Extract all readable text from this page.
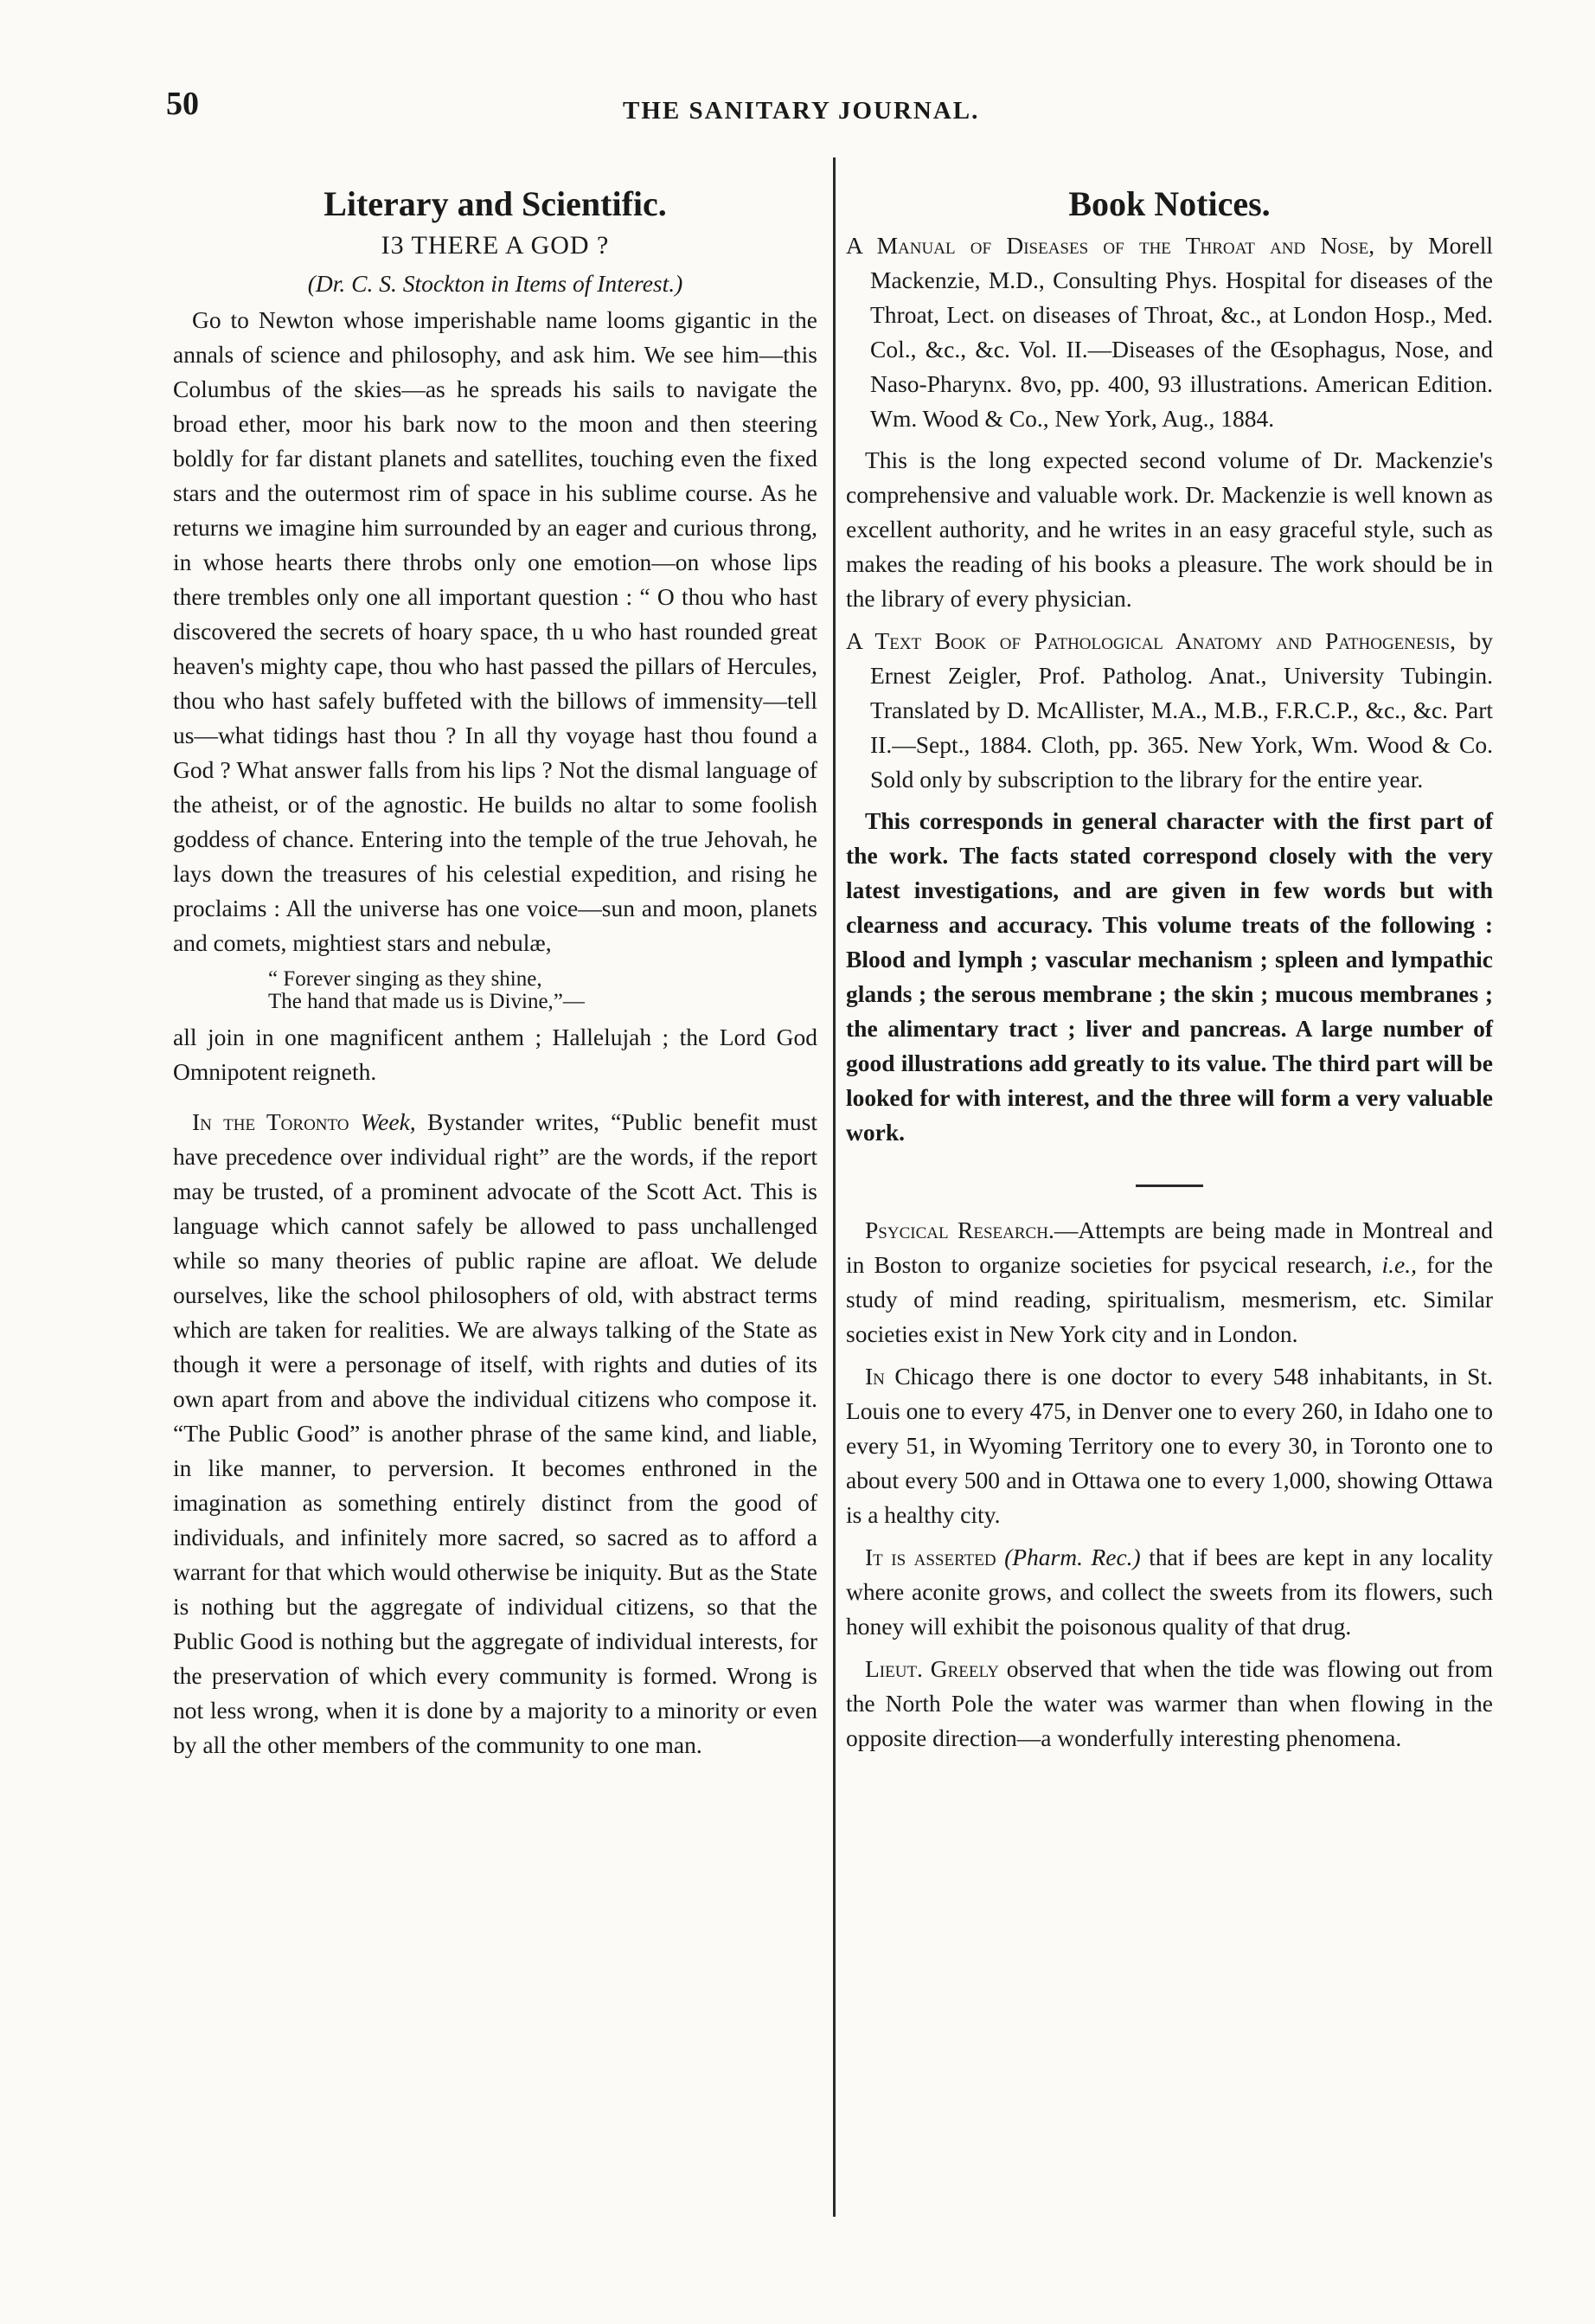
50	THE SANITARY JOURNAL.
Literary and Scientific.
I3 THERE A GOD ?
(Dr. C. S. Stockton in Items of Interest.)

Go to Newton whose imperishable name looms gigantic in the annals of science and philosophy, and ask him. We see him—this Columbus of the skies—as he spreads his sails to navigate the broad ether, moor his bark now to the moon and then steering boldly for far distant planets and satellites, touching even the fixed stars and the outermost rim of space in his sublime course. As he returns we imagine him surrounded by an eager and curious throng, in whose hearts there throbs only one emotion—on whose lips there trembles only one all important question : “ O thou who hast discovered the secrets of hoary space, th u who hast rounded great heaven's mighty cape, thou who hast passed the pillars of Hercules, thou who hast safely buffeted with the billows of immensity—tell us—what tidings hast thou ? In all thy voyage hast thou found a God ? What answer falls from his lips ? Not the dismal language of the atheist, or of the agnostic. He builds no altar to some foolish goddess of chance. Entering into the temple of the true Jehovah, he lays down the treasures of his celestial expedition, and rising he proclaims : All the universe has one voice—sun and moon, planets and comets, mightiest stars and nebulæ,

“ Forever singing as they shine,
The hand that made us is Divine,”—

all join in one magnificent anthem ; Hallelujah ; the Lord God Omnipotent reigneth.

In the Toronto Week, Bystander writes, “Public benefit must have precedence over individual right” are the words, if the report may be trusted, of a prominent advocate of the Scott Act. This is language which cannot safely be allowed to pass unchallenged while so many theories of public rapine are afloat. We delude ourselves, like the school philosophers of old, with abstract terms which are taken for realities. We are always talking of the State as though it were a personage of itself, with rights and duties of its own apart from and above the individual citizens who compose it. “The Public Good” is another phrase of the same kind, and liable, in like manner, to perversion. It becomes enthroned in the imagination as something entirely distinct from the good of individuals, and infinitely more sacred, so sacred as to afford a warrant for that which would otherwise be iniquity. But as the State is nothing but the aggregate of individual citizens, so that the Public Good is nothing but the aggregate of individual interests, for the preservation of which every community is formed. Wrong is not less wrong, when it is done by a majority to a minority or even by all the other members of the community to one man.

Book Notices.
A Manual of Diseases of the Throat and Nose, by Morell Mackenzie, M.D., Consulting Phys. Hospital for diseases of the Throat, Lect. on diseases of Throat, &c., at London Hosp., Med. Col., &c., &c. Vol. II.—Diseases of the Œsophagus, Nose, and Naso-Pharynx. 8vo, pp. 400, 93 illustrations. American Edition. Wm. Wood & Co., New York, Aug., 1884.

This is the long expected second volume of Dr. Mackenzie's comprehensive and valuable work. Dr. Mackenzie is well known as excellent authority, and he writes in an easy graceful style, such as makes the reading of his books a pleasure. The work should be in the library of every physician.

A Text Book of Pathological Anatomy and Pathogenesis, by Ernest Zeigler, Prof. Patholog. Anat., University Tubingin. Translated by D. McAllister, M.A., M.B., F.R.C.P., &c., &c. Part II.—Sept., 1884. Cloth, pp. 365. New York, Wm. Wood & Co. Sold only by subscription to the library for the entire year.

This corresponds in general character with the first part of the work. The facts stated correspond closely with the very latest investigations, and are given in few words but with clearness and accuracy. This volume treats of the following : Blood and lymph ; vascular mechanism ; spleen and lympathic glands ; the serous membrane ; the skin ; mucous membranes ; the alimentary tract ; liver and pancreas. A large number of good illustrations add greatly to its value. The third part will be looked for with interest, and the three will form a very valuable work.

Psycical Research.—Attempts are being made in Montreal and in Boston to organize societies for psycical research, i.e., for the study of mind reading, spiritualism, mesmerism, etc. Similar societies exist in New York city and in London.

In Chicago there is one doctor to every 548 inhabitants, in St. Louis one to every 475, in Denver one to every 260, in Idaho one to every 51, in Wyoming Territory one to every 30, in Toronto one to about every 500 and in Ottawa one to every 1,000, showing Ottawa is a healthy city.

It is asserted (Pharm. Rec.) that if bees are kept in any locality where aconite grows, and collect the sweets from its flowers, such honey will exhibit the poisonous quality of that drug.

Lieut. Greely observed that when the tide was flowing out from the North Pole the water was warmer than when flowing in the opposite direction—a wonderfully interesting phenomena.
